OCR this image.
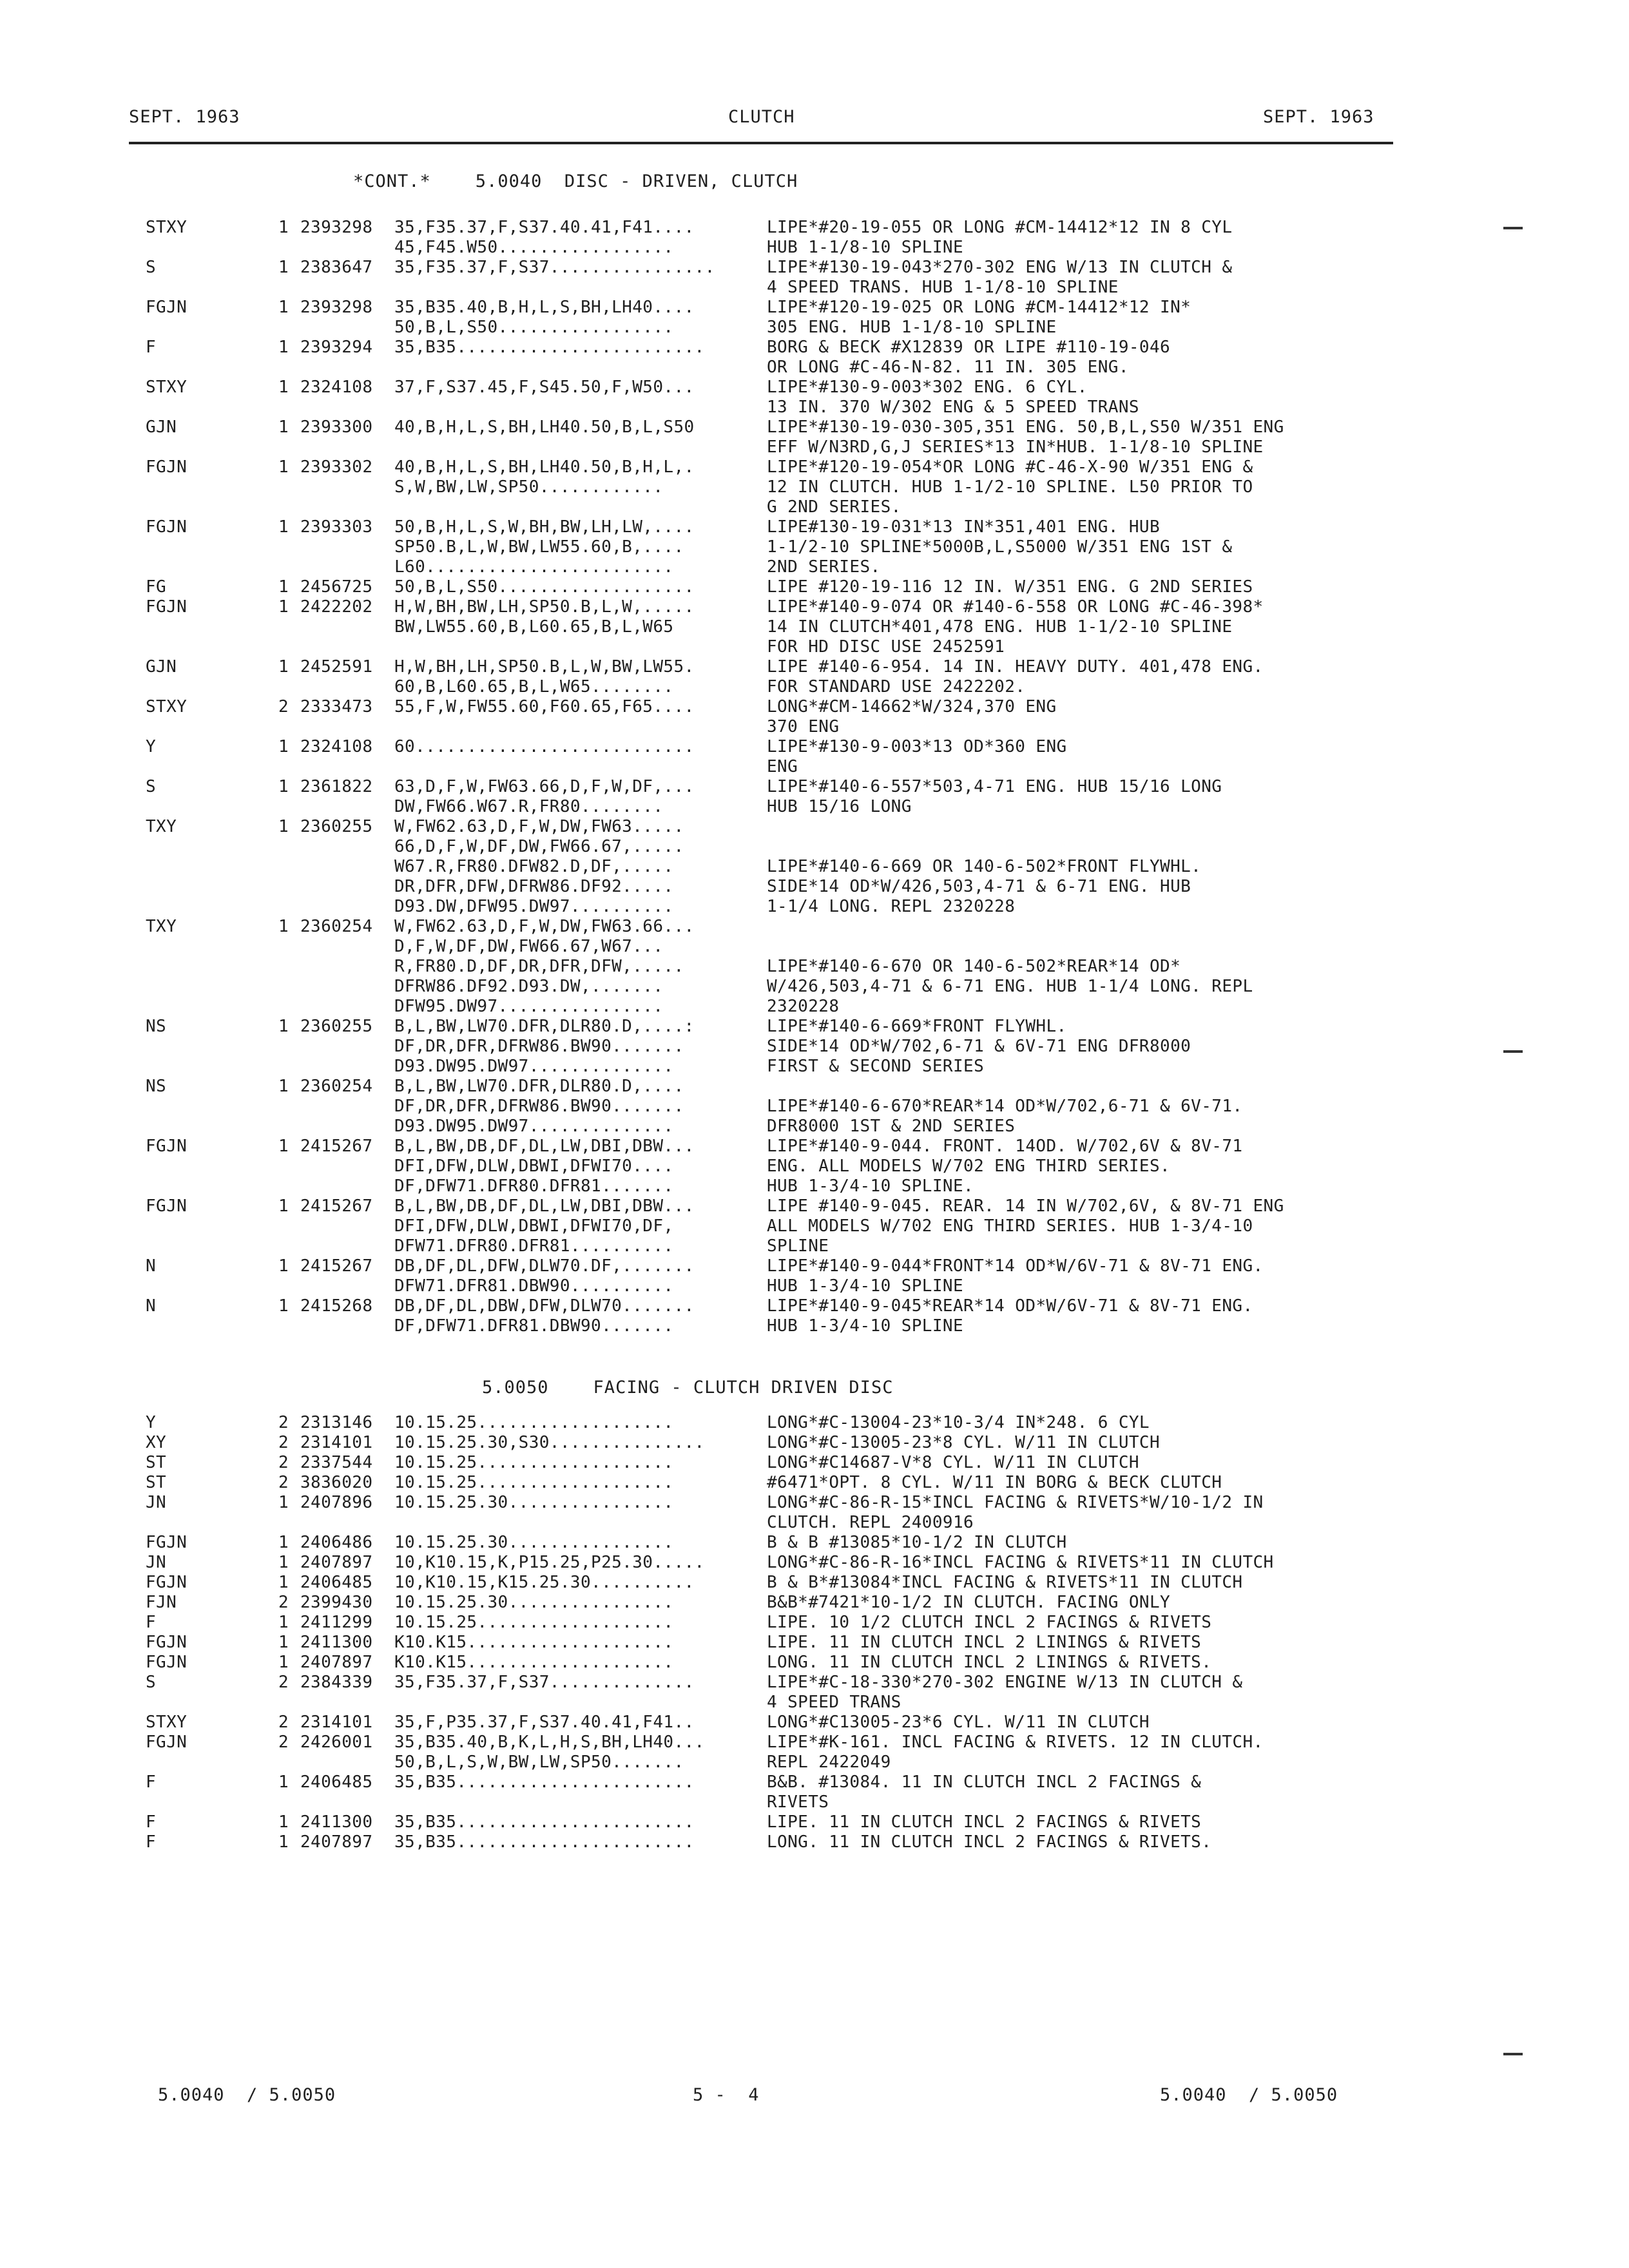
SEPT. 1963	CLUTCH	SEPT. 1963
*CONT.*    5.0040  DISC - DRIVEN, CLUTCH
5.0050    FACING - CLUTCH DRIVEN DISC
STXY	1 2393298 35,F35.37,F,S37.40.41,F41....	LIPE*#20-19-055 OR LONG #CM-14412*12 IN 8 CYL
45,F45.W50.................	HUB 1-1/8-10 SPLINE
S	1 2383647 35,F35.37,F,S37................	LIPE*#130-19-043*270-302 ENG W/13 IN CLUTCH &
4 SPEED TRANS. HUB 1-1/8-10 SPLINE
FGJN	1 2393298 35,B35.40,B,H,L,S,BH,LH40....	LIPE*#120-19-025 OR LONG #CM-14412*12 IN*
50,B,L,S50.................	305 ENG. HUB 1-1/8-10 SPLINE
F	1 2393294 35,B35........................	BORG & BECK #X12839 OR LIPE #110-19-046
OR LONG #C-46-N-82. 11 IN. 305 ENG.
STXY	1 2324108 37,F,S37.45,F,S45.50,F,W50...	LIPE*#130-9-003*302 ENG. 6 CYL.
13 IN. 370 W/302 ENG & 5 SPEED TRANS
GJN	1 2393300 40,B,H,L,S,BH,LH40.50,B,L,S50	LIPE*#130-19-030-305,351 ENG. 50,B,L,S50 W/351 ENG
EFF W/N3RD,G,J SERIES*13 IN*HUB. 1-1/8-10 SPLINE
FGJN	1 2393302 40,B,H,L,S,BH,LH40.50,B,H,L,.	LIPE*#120-19-054*OR LONG #C-46-X-90 W/351 ENG &
S,W,BW,LW,SP50............	12 IN CLUTCH. HUB 1-1/2-10 SPLINE. L50 PRIOR TO
G 2ND SERIES.
FGJN	1 2393303 50,B,H,L,S,W,BH,BW,LH,LW,....	LIPE#130-19-031*13 IN*351,401 ENG. HUB
SP50.B,L,W,BW,LW55.60,B,....	1-1/2-10 SPLINE*5000B,L,S5000 W/351 ENG 1ST &
L60........................	2ND SERIES.
FG	1 2456725 50,B,L,S50...................	LIPE #120-19-116 12 IN. W/351 ENG. G 2ND SERIES
FGJN	1 2422202 H,W,BH,BW,LH,SP50.B,L,W,.....	LIPE*#140-9-074 OR #140-6-558 OR LONG #C-46-398*
BW,LW55.60,B,L60.65,B,L,W65	14 IN CLUTCH*401,478 ENG. HUB 1-1/2-10 SPLINE
FOR HD DISC USE 2452591
GJN	1 2452591 H,W,BH,LH,SP50.B,L,W,BW,LW55.	LIPE #140-6-954. 14 IN. HEAVY DUTY. 401,478 ENG.
60,B,L60.65,B,L,W65........	FOR STANDARD USE 2422202.
STXY	2 2333473 55,F,W,FW55.60,F60.65,F65....	LONG*#CM-14662*W/324,370 ENG
370 ENG
Y	1 2324108 60...........................	LIPE*#130-9-003*13 OD*360 ENG
ENG
S	1 2361822 63,D,F,W,FW63.66,D,F,W,DF,...	LIPE*#140-6-557*503,4-71 ENG. HUB 15/16 LONG
DW,FW66.W67.R,FR80........	HUB 15/16 LONG
TXY	1 2360255 W,FW62.63,D,F,W,DW,FW63.....
66,D,F,W,DF,DW,FW66.67,.....
W67.R,FR80.DFW82.D,DF,.....	LIPE*#140-6-669 OR 140-6-502*FRONT FLYWHL.
DR,DFR,DFW,DFRW86.DF92.....	SIDE*14 OD*W/426,503,4-71 & 6-71 ENG. HUB
D93.DW,DFW95.DW97..........	1-1/4 LONG. REPL 2320228
TXY	1 2360254 W,FW62.63,D,F,W,DW,FW63.66...
D,F,W,DF,DW,FW66.67,W67...
R,FR80.D,DF,DR,DFR,DFW,.....	LIPE*#140-6-670 OR 140-6-502*REAR*14 OD*
DFRW86.DF92.D93.DW,.......	W/426,503,4-71 & 6-71 ENG. HUB 1-1/4 LONG. REPL
DFW95.DW97................	2320228
NS	1 2360255 B,L,BW,LW70.DFR,DLR80.D,....:	LIPE*#140-6-669*FRONT FLYWHL.
DF,DR,DFR,DFRW86.BW90.......	SIDE*14 OD*W/702,6-71 & 6V-71 ENG DFR8000
D93.DW95.DW97..............	FIRST & SECOND SERIES
NS	1 2360254 B,L,BW,LW70.DFR,DLR80.D,....
DF,DR,DFR,DFRW86.BW90.......	LIPE*#140-6-670*REAR*14 OD*W/702,6-71 & 6V-71.
D93.DW95.DW97..............	DFR8000 1ST & 2ND SERIES
FGJN	1 2415267 B,L,BW,DB,DF,DL,LW,DBI,DBW...	LIPE*#140-9-044. FRONT. 14OD. W/702,6V & 8V-71
DFI,DFW,DLW,DBWI,DFWI70....	ENG. ALL MODELS W/702 ENG THIRD SERIES.
DF,DFW71.DFR80.DFR81.......	HUB 1-3/4-10 SPLINE.
FGJN	1 2415267 B,L,BW,DB,DF,DL,LW,DBI,DBW...	LIPE #140-9-045. REAR. 14 IN W/702,6V, & 8V-71 ENG
DFI,DFW,DLW,DBWI,DFWI70,DF,	ALL MODELS W/702 ENG THIRD SERIES. HUB 1-3/4-10
DFW71.DFR80.DFR81..........	SPLINE
N	1 2415267 DB,DF,DL,DFW,DLW70.DF,.......	LIPE*#140-9-044*FRONT*14 OD*W/6V-71 & 8V-71 ENG.
DFW71.DFR81.DBW90..........	HUB 1-3/4-10 SPLINE
N	1 2415268 DB,DF,DL,DBW,DFW,DLW70.......	LIPE*#140-9-045*REAR*14 OD*W/6V-71 & 8V-71 ENG.
DF,DFW71.DFR81.DBW90.......	HUB 1-3/4-10 SPLINE
Y	2 2313146 10.15.25...................	LONG*#C-13004-23*10-3/4 IN*248. 6 CYL
XY	2 2314101 10.15.25.30,S30...............	LONG*#C-13005-23*8 CYL. W/11 IN CLUTCH
ST	2 2337544 10.15.25...................	LONG*#C14687-V*8 CYL. W/11 IN CLUTCH
ST	2 3836020 10.15.25...................	#6471*OPT. 8 CYL. W/11 IN BORG & BECK CLUTCH
JN	1 2407896 10.15.25.30................	LONG*#C-86-R-15*INCL FACING & RIVETS*W/10-1/2 IN
CLUTCH. REPL 2400916
FGJN	1 2406486 10.15.25.30................	B & B #13085*10-1/2 IN CLUTCH
JN	1 2407897 10,K10.15,K,P15.25,P25.30.....	LONG*#C-86-R-16*INCL FACING & RIVETS*11 IN CLUTCH
FGJN	1 2406485 10,K10.15,K15.25.30..........	B & B*#13084*INCL FACING & RIVETS*11 IN CLUTCH
FJN	2 2399430 10.15.25.30................	B&B*#7421*10-1/2 IN CLUTCH. FACING ONLY
F	1 2411299 10.15.25...................	LIPE. 10 1/2 CLUTCH INCL 2 FACINGS & RIVETS
FGJN	1 2411300 K10.K15....................	LIPE. 11 IN CLUTCH INCL 2 LININGS & RIVETS
FGJN	1 2407897 K10.K15....................	LONG. 11 IN CLUTCH INCL 2 LININGS & RIVETS.
S	2 2384339 35,F35.37,F,S37..............	LIPE*#C-18-330*270-302 ENGINE W/13 IN CLUTCH &
4 SPEED TRANS
STXY	2 2314101 35,F,P35.37,F,S37.40.41,F41..	LONG*#C13005-23*6 CYL. W/11 IN CLUTCH
FGJN	2 2426001 35,B35.40,B,K,L,H,S,BH,LH40...	LIPE*#K-161. INCL FACING & RIVETS. 12 IN CLUTCH.
50,B,L,S,W,BW,LW,SP50.......	REPL 2422049
F	1 2406485 35,B35.......................	B&B. #13084. 11 IN CLUTCH INCL 2 FACINGS &
RIVETS
F	1 2411300 35,B35.......................	LIPE. 11 IN CLUTCH INCL 2 FACINGS & RIVETS
F	1 2407897 35,B35.......................	LONG. 11 IN CLUTCH INCL 2 FACINGS & RIVETS.
5.0040  / 5.0050	5 -  4	5.0040  / 5.0050
